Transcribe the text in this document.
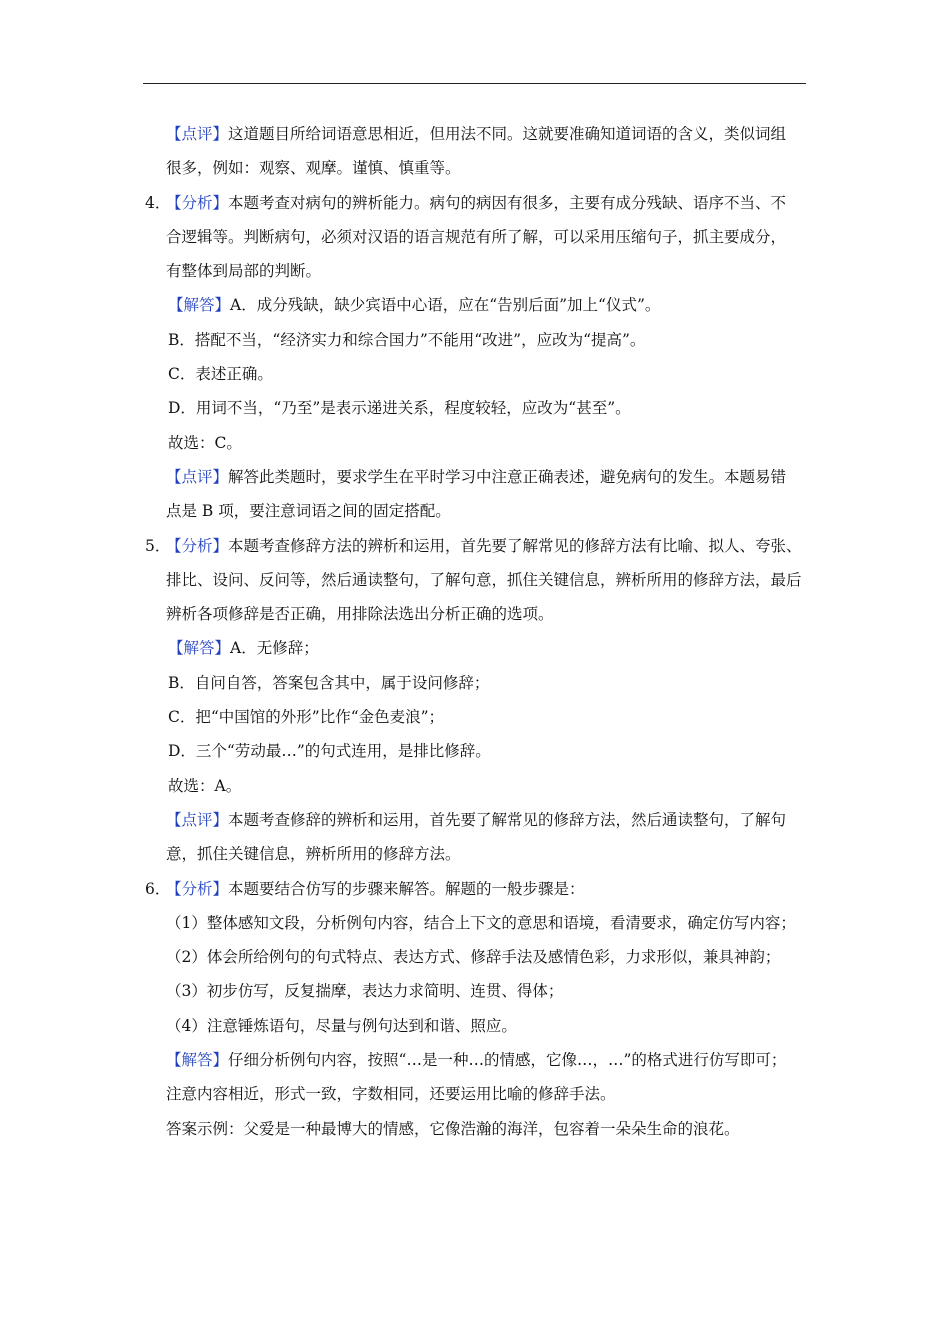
【点评】这道题目所给词语意思相近，但用法不同。这就要准确知道词语的含义，类似词组
很多，例如：观察、观摩。谨慎、慎重等。
4．
【分析】本题考查对病句的辨析能力。病句的病因有很多，主要有成分残缺、语序不当、不
合逻辑等。判断病句，必须对汉语的语言规范有所了解，可以采用压缩句子，抓主要成分，
有整体到局部的判断。
【解答】A．成分残缺，缺少宾语中心语，应在“告别后面”加上“仪式”。
B．搭配不当，“经济实力和综合国力”不能用“改进”，应改为“提高”。
C．表述正确。
D．用词不当，“乃至”是表示递进关系，程度较轻，应改为“甚至”。
故选：C。
【点评】解答此类题时，要求学生在平时学习中注意正确表述，避免病句的发生。本题易错
点是 B 项，要注意词语之间的固定搭配。
5．
【分析】本题考查修辞方法的辨析和运用，首先要了解常见的修辞方法有比喻、拟人、夸张、
排比、设问、反问等，然后通读整句，了解句意，抓住关键信息，辨析所用的修辞方法，最后
辨析各项修辞是否正确，用排除法选出分析正确的选项。
【解答】A．无修辞；
B．自问自答，答案包含其中，属于设问修辞；
C．把“中国馆的外形”比作“金色麦浪”；
D．三个“劳动最…”的句式连用，是排比修辞。
故选：A。
【点评】本题考查修辞的辨析和运用，首先要了解常见的修辞方法，然后通读整句，了解句
意，抓住关键信息，辨析所用的修辞方法。
6．
【分析】本题要结合仿写的步骤来解答。解题的一般步骤是：
（1）整体感知文段，分析例句内容，结合上下文的意思和语境，看清要求，确定仿写内容；
（2）体会所给例句的句式特点、表达方式、修辞手法及感情色彩，力求形似，兼具神韵；
（3）初步仿写，反复揣摩，表达力求简明、连贯、得体；
（4）注意锤炼语句，尽量与例句达到和谐、照应。
【解答】仔细分析例句内容，按照“…是一种…的情感，它像…，…”的格式进行仿写即可；
注意内容相近，形式一致，字数相同，还要运用比喻的修辞手法。
答案示例：父爱是一种最博大的情感，它像浩瀚的海洋，包容着一朵朵生命的浪花。
